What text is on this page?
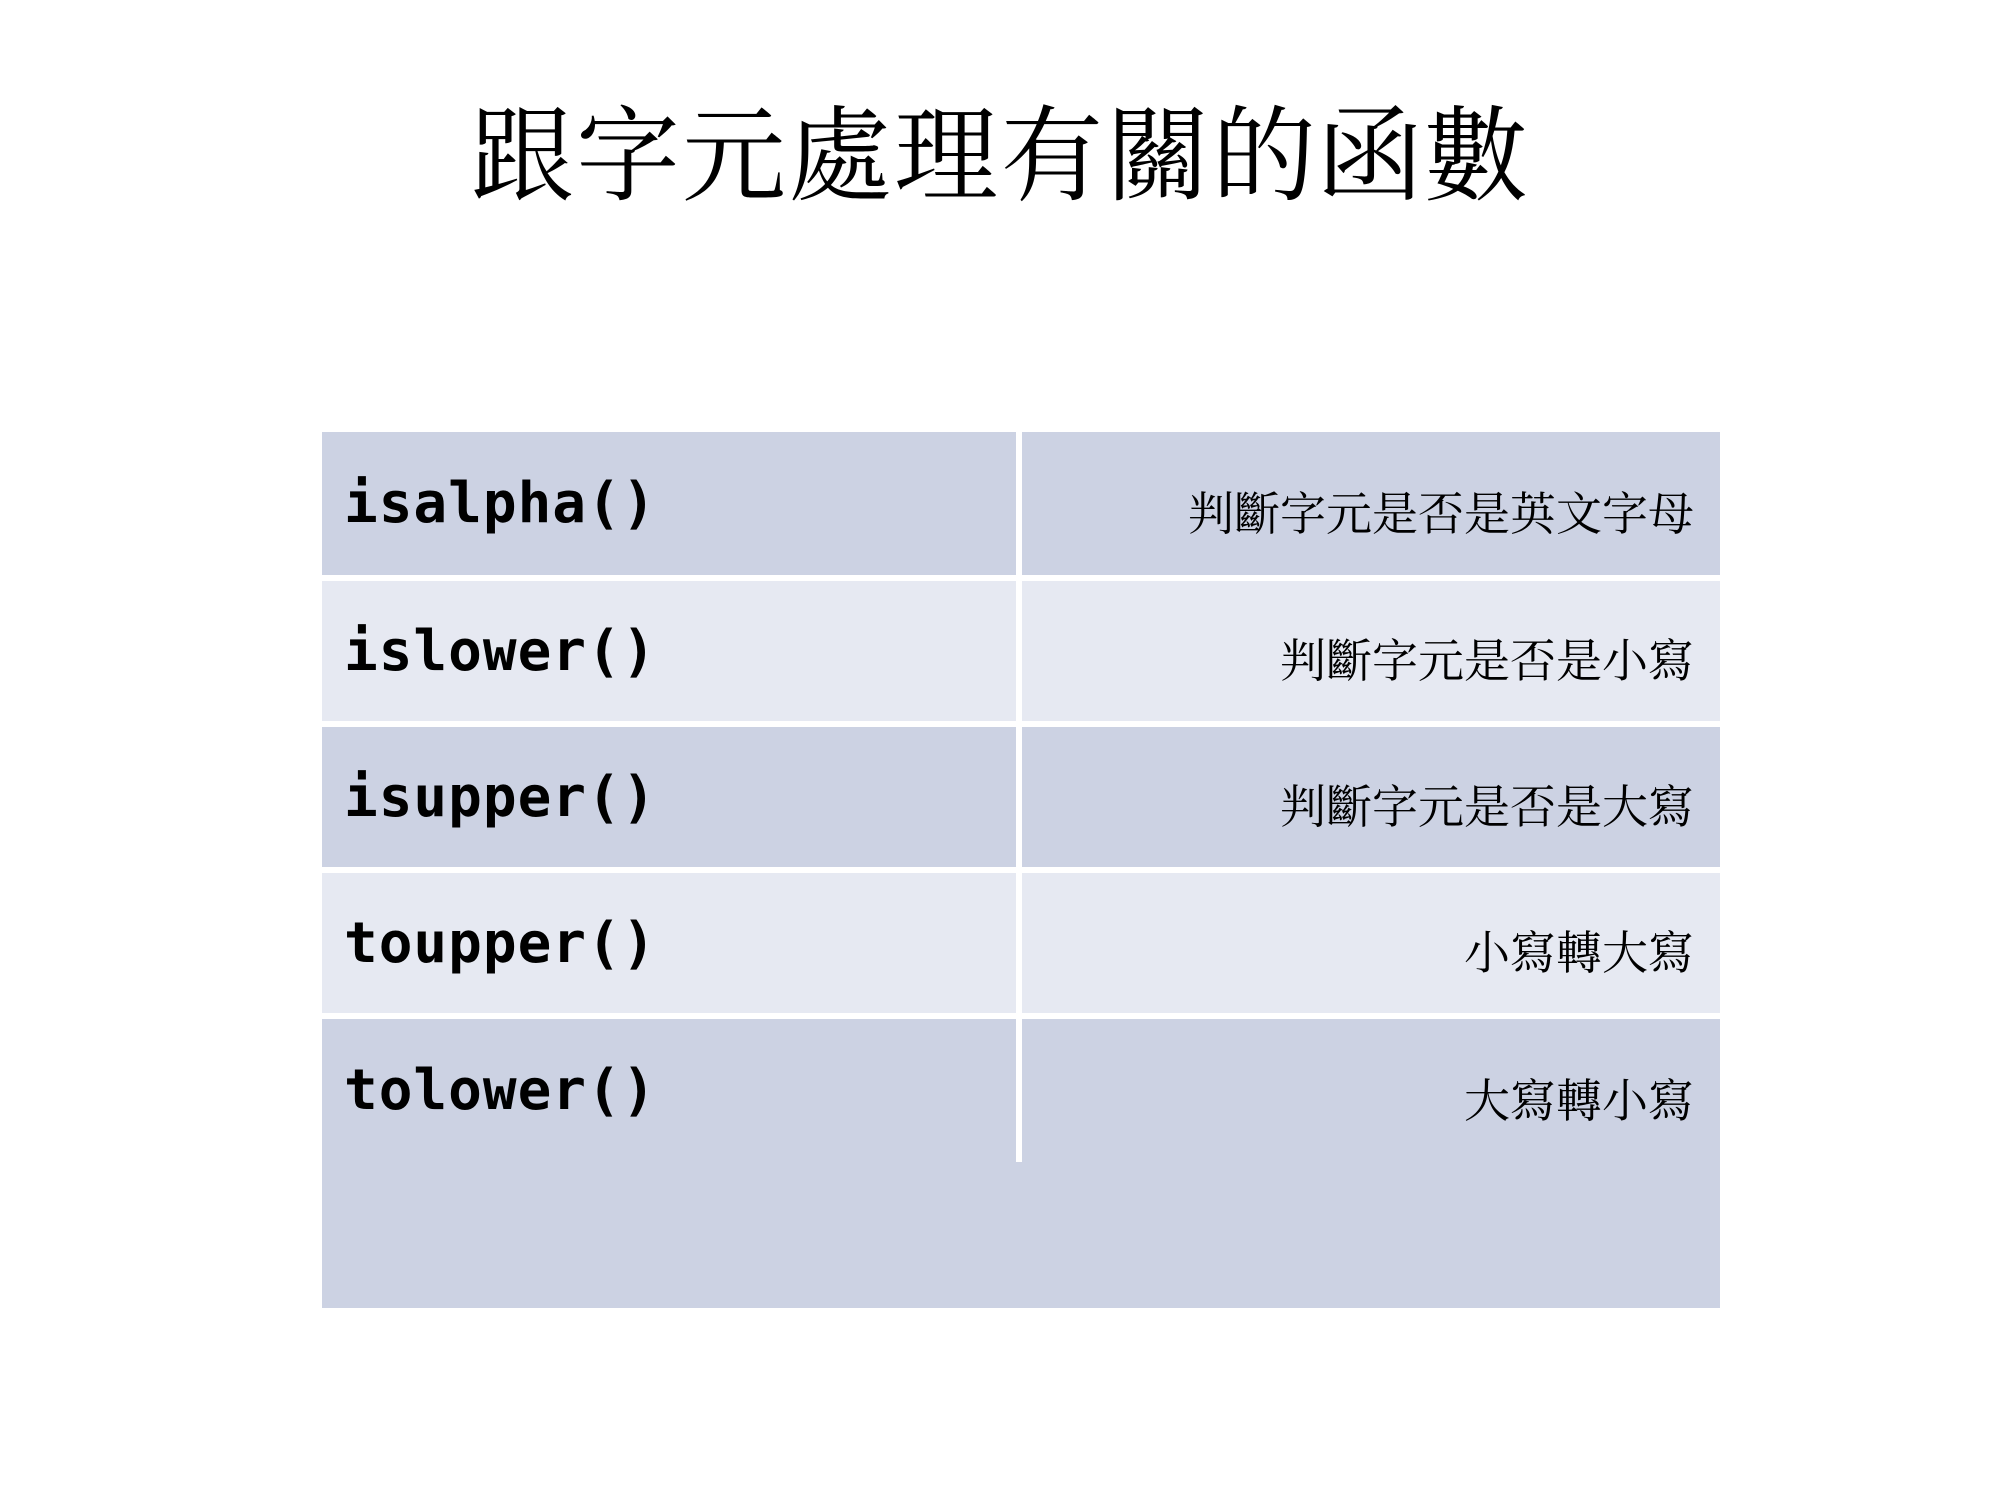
跟字元處理有關的函數
isalpha()	判斷字元是否是英文字母
islower()	判斷字元是否是小寫
isupper()	判斷字元是否是大寫
toupper()	小寫轉大寫
tolower()	大寫轉小寫
